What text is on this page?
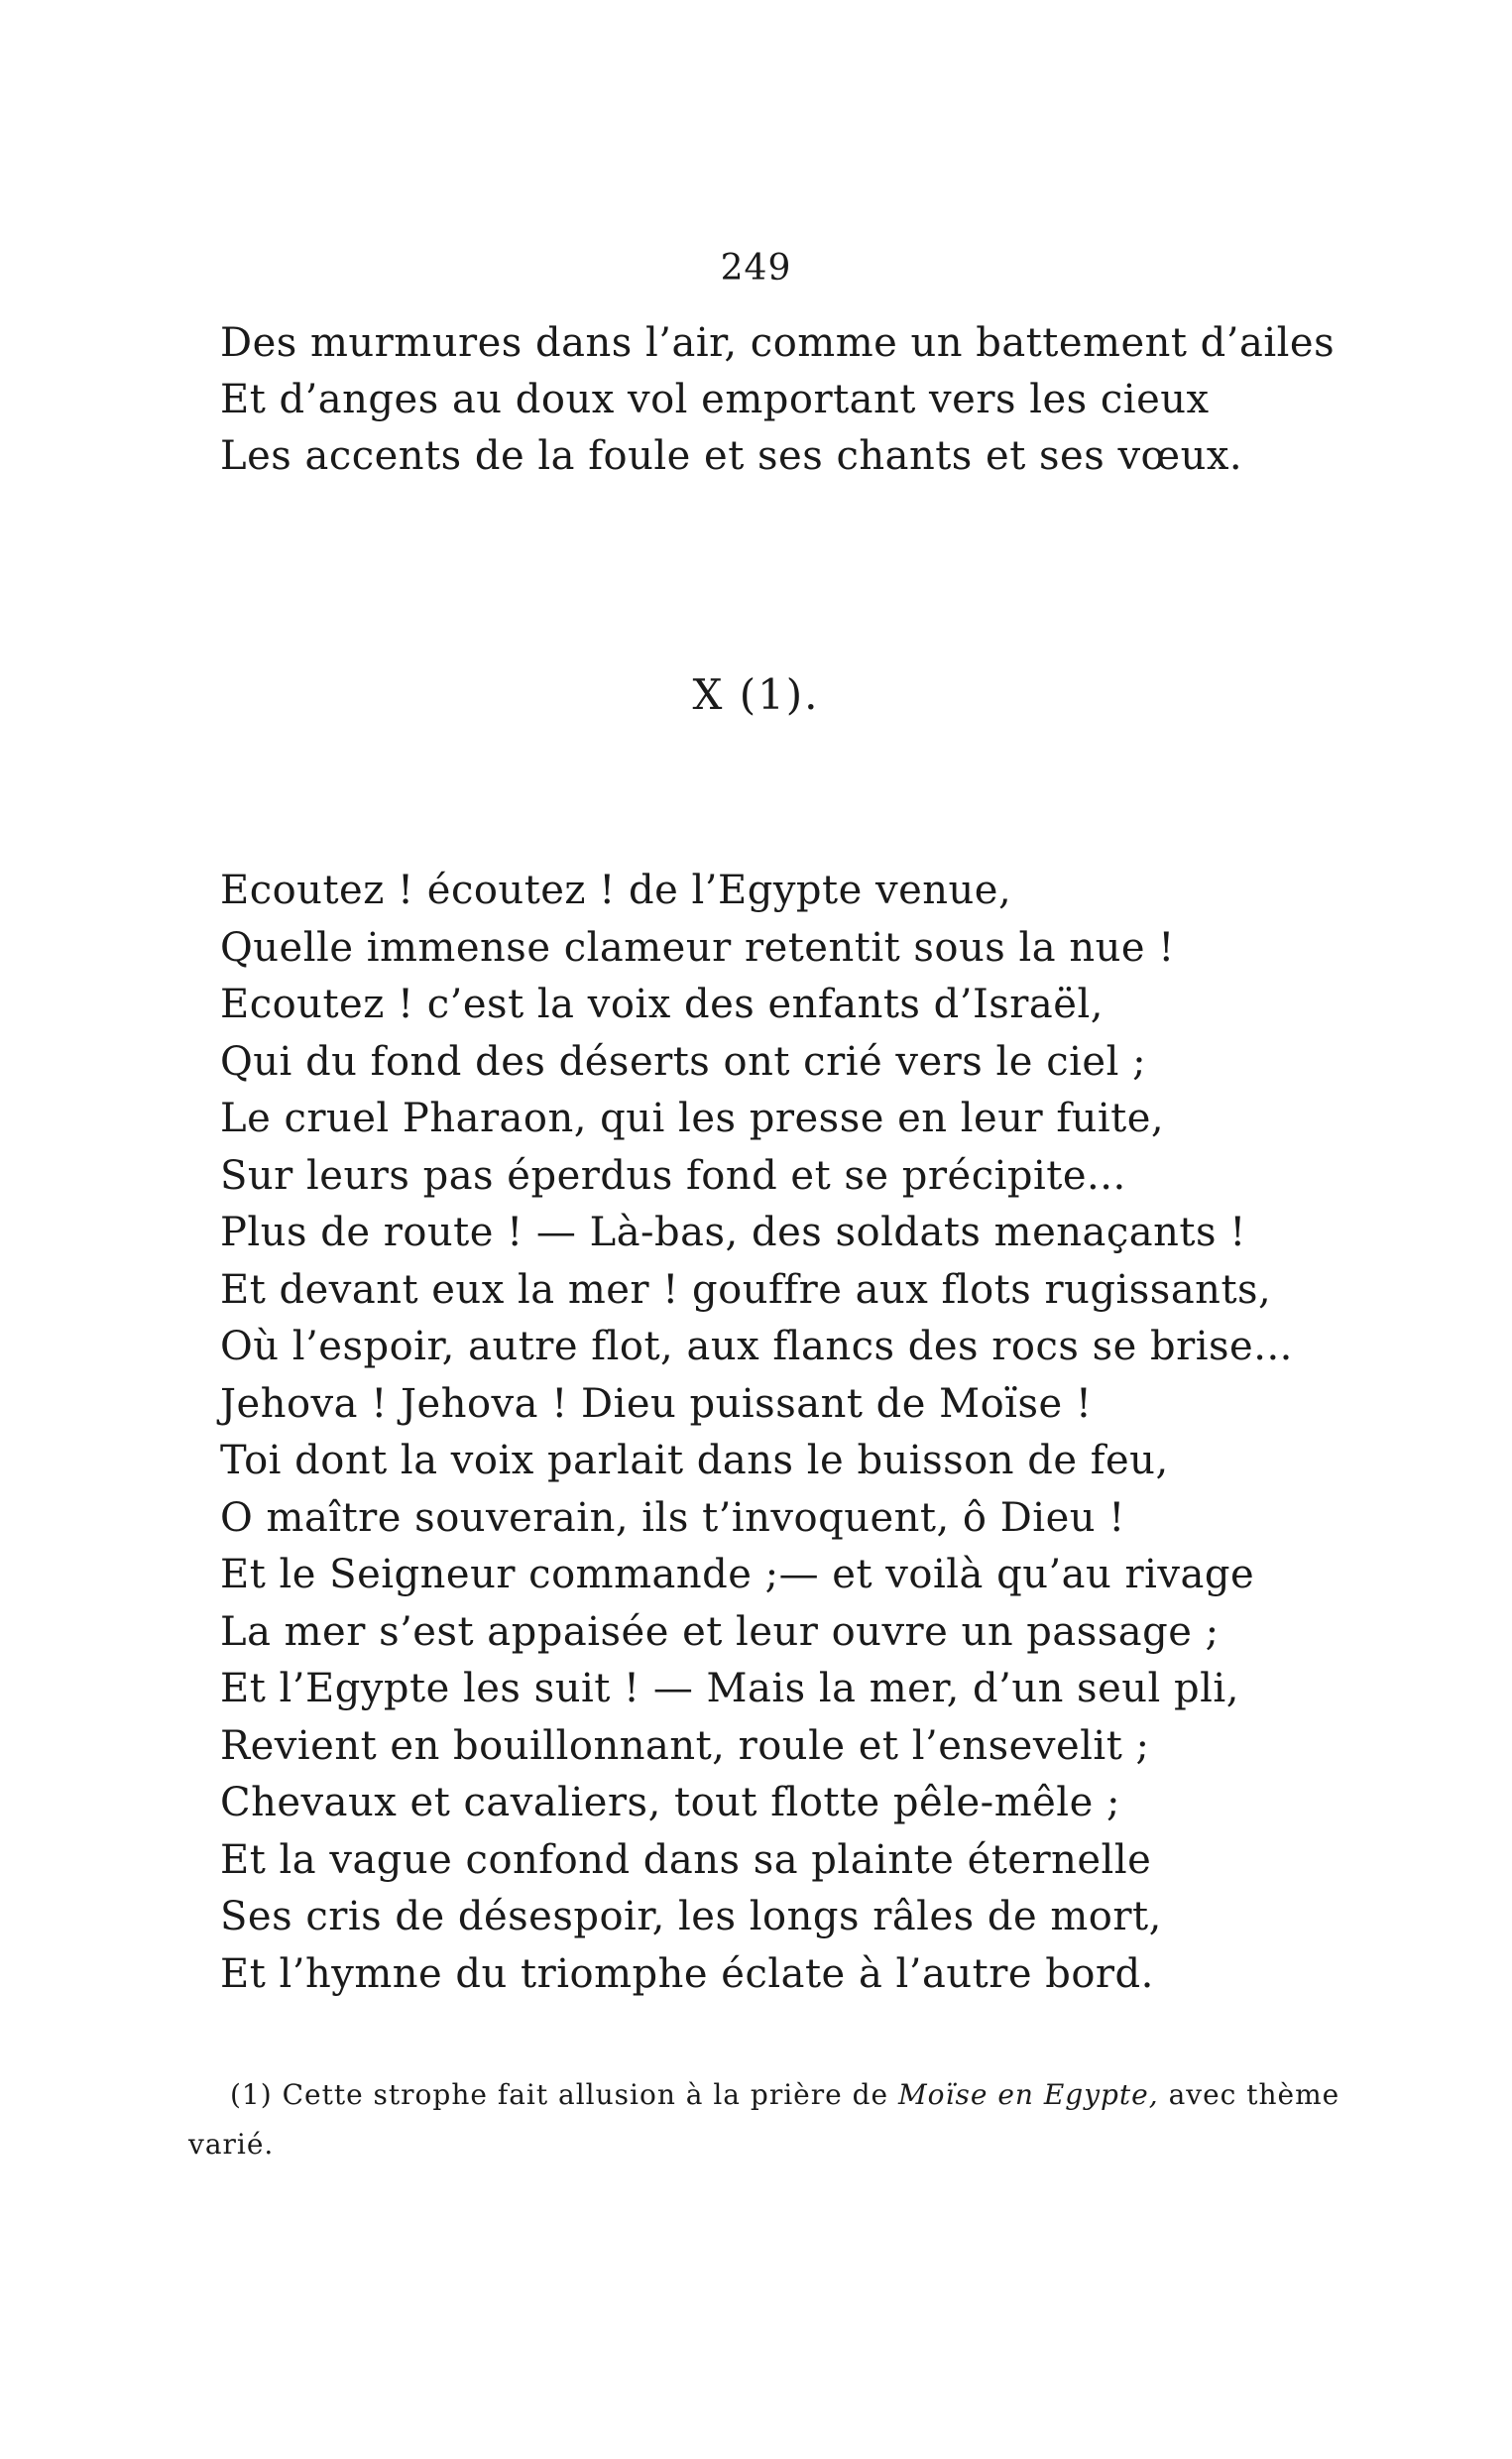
249
Des murmures dans l’air, comme un battement d’ailes
Et d’anges au doux vol emportant vers les cieux
Les accents de la foule et ses chants et ses vœux.
X (1).
Ecoutez ! écoutez ! de l’Egypte venue,
Quelle immense clameur retentit sous la nue !
Ecoutez ! c’est la voix des enfants d’Israël,
Qui du fond des déserts ont crié vers le ciel ;
Le cruel Pharaon, qui les presse en leur fuite,
Sur leurs pas éperdus fond et se précipite...
Plus de route ! — Là-bas, des soldats menaçants !
Et devant eux la mer ! gouffre aux flots rugissants,
Où l’espoir, autre flot, aux flancs des rocs se brise...
Jehova ! Jehova ! Dieu puissant de Moïse !
Toi dont la voix parlait dans le buisson de feu,
O maître souverain, ils t’invoquent, ô Dieu !
Et le Seigneur commande ;— et voilà qu’au rivage
La mer s’est appaisée et leur ouvre un passage ;
Et l’Egypte les suit ! — Mais la mer, d’un seul pli,
Revient en bouillonnant, roule et l’ensevelit ;
Chevaux et cavaliers, tout flotte pêle-mêle ;
Et la vague confond dans sa plainte éternelle
Ses cris de désespoir, les longs râles de mort,
Et l’hymne du triomphe éclate à l’autre bord.
(1) Cette strophe fait allusion à la prière de Moïse en Egypte, avec thème
varié.
